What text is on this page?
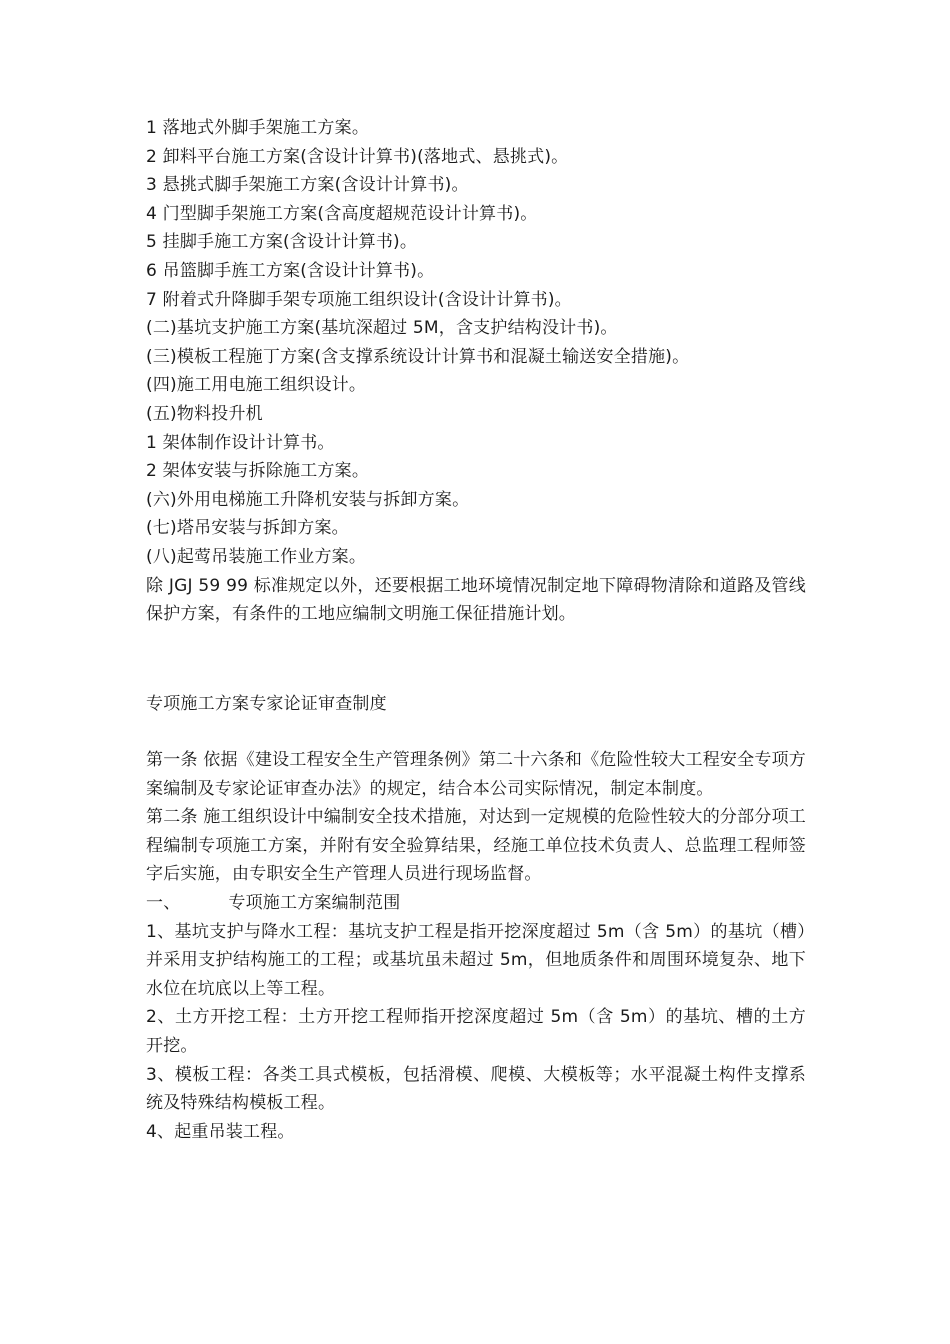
1 落地式外脚手架施工方案。

2 卸料平台施工方案(含设计计算书)(落地式、悬挑式)。

3 悬挑式脚手架施工方案(含设计计算书)。

4 门型脚手架施工方案(含高度超规范设计计算书)。

5 挂脚手施工方案(含设计计算书)。

6 吊篮脚手旌工方案(含设计计算书)。

7 附着式升降脚手架专项施工组织设计(含设计计算书)。

(二)基坑支护施工方案(基坑深超过 5M，含支护结构没计书)。

(三)模板工程施丁方案(含支撑系统设计计算书和混凝土输送安全措施)。

(四)施工用电施工组织设计。

(五)物料投升机

1 架体制作设计计算书。

2 架体安装与拆除施工方案。

(六)外用电梯施工升降机安装与拆卸方案。

(七)塔吊安装与拆卸方案。

(八)起莺吊装施工作业方案。

除 JGJ 59 99 标准规定以外，还要根据工地环境情况制定地下障碍物清除和道路及管线保护方案，有条件的工地应编制文明施工保征措施计划。

专项施工方案专家论证审查制度

第一条 依据《建设工程安全生产管理条例》第二十六条和《危险性较大工程安全专项方案编制及专家论证审查办法》的规定，结合本公司实际情况，制定本制度。

第二条 施工组织设计中编制安全技术措施，对达到一定规模的危险性较大的分部分项工程编制专项施工方案，并附有安全验算结果，经施工单位技术负责人、总监理工程师签字后实施，由专职安全生产管理人员进行现场监督。

一、	专项施工方案编制范围

1、基坑支护与降水工程：基坑支护工程是指开挖深度超过 5m（含 5m）的基坑（槽）并采用支护结构施工的工程；或基坑虽未超过 5m，但地质条件和周围环境复杂、地下水位在坑底以上等工程。

2、土方开挖工程：土方开挖工程师指开挖深度超过 5m（含 5m）的基坑、槽的土方开挖。

3、模板工程：各类工具式模板，包括滑模、爬模、大模板等；水平混凝土构件支撑系统及特殊结构模板工程。

4、起重吊装工程。
